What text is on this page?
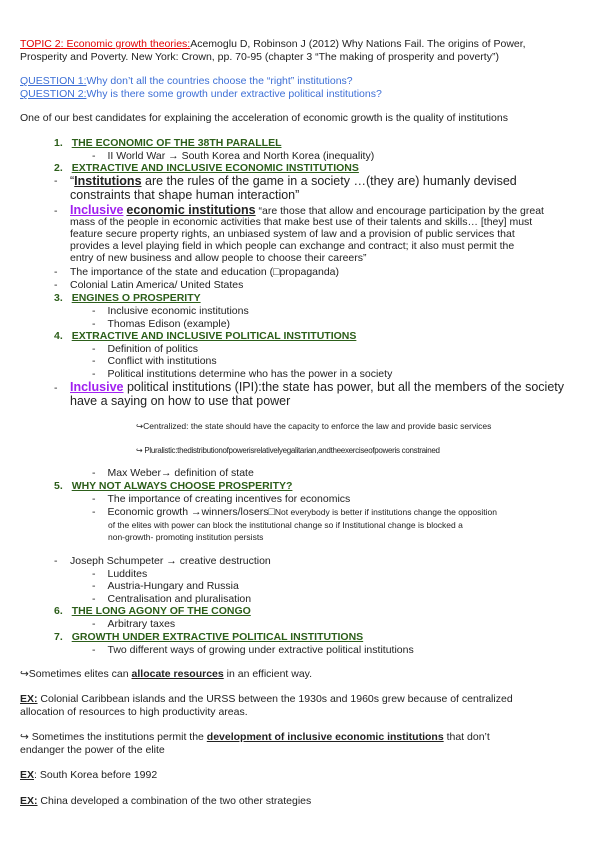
TOPIC 2: Economic growth theories:Acemoglu D, Robinson J (2012) Why Nations Fail. The origins of Power,
Prosperity and Poverty. New York: Crown, pp. 70-95 (chapter 3 “The making of prosperity and poverty”)
QUESTION 1:Why don’t all the countries choose the “right” institutions?
QUESTION 2:Why is there some growth under extractive political institutions?
One of our best candidates for explaining the acceleration of economic growth is the quality of institutions
1. THE ECONOMIC OF THE 38TH PARALLEL
- II World War → South Korea and North Korea (inequality)
2. EXTRACTIVE AND INCLUSIVE ECONOMIC INSTITUTIONS
- “Institutions are the rules of the game in a society …(they are) humanly devised
constraints that shape human interaction”
- Inclusive economic institutions “are those that allow and encourage participation by the great
mass of the people in economic activities that make best use of their talents and skills… [they] must
feature secure property rights, an unbiased system of law and a provision of public services that
provides a level playing field in which people can exchange and contract; it also must permit the
entry of new business and allow people to choose their careers”
- The importance of the state and education (□propaganda)
- Colonial Latin America/ United States
3. ENGINES O PROSPERITY
- Inclusive economic institutions
- Thomas Edison (example)
4. EXTRACTIVE AND INCLUSIVE POLITICAL INSTITUTIONS
- Definition of politics
- Conflict with institutions
- Political institutions determine who has the power in a society
- Inclusive political institutions (IPI):the state has power, but all the members of the society
have a saying on how to use that power
↪Centralized: the state should have the capacity to enforce the law and provide basic services
↪ Pluralistic:thedistributionofpowerisrelativelyegalitarian,andtheexerciseofpoweris constrained
- Max Weber→ definition of state
5. WHY NOT ALWAYS CHOOSE PROSPERITY?
- The importance of creating incentives for economics
- Economic growth →winners/losers□Not everybody is better if institutions change the opposition
of the elites with power can block the institutional change so if Institutional change is blocked a
non-growth- promoting institution persists
- Joseph Schumpeter → creative destruction
- Luddites
- Austria-Hungary and Russia
- Centralisation and pluralisation
6. THE LONG AGONY OF THE CONGO
- Arbitrary taxes
7. GROWTH UNDER EXTRACTIVE POLITICAL INSTITUTIONS
- Two different ways of growing under extractive political institutions
↪Sometimes elites can allocate resources in an efficient way.
EX: Colonial Caribbean islands and the URSS between the 1930s and 1960s grew because of centralized
allocation of resources to high productivity areas.
↪ Sometimes the institutions permit the development of inclusive economic institutions that don’t
endanger the power of the elite
EX: South Korea before 1992
EX: China developed a combination of the two other strategies
